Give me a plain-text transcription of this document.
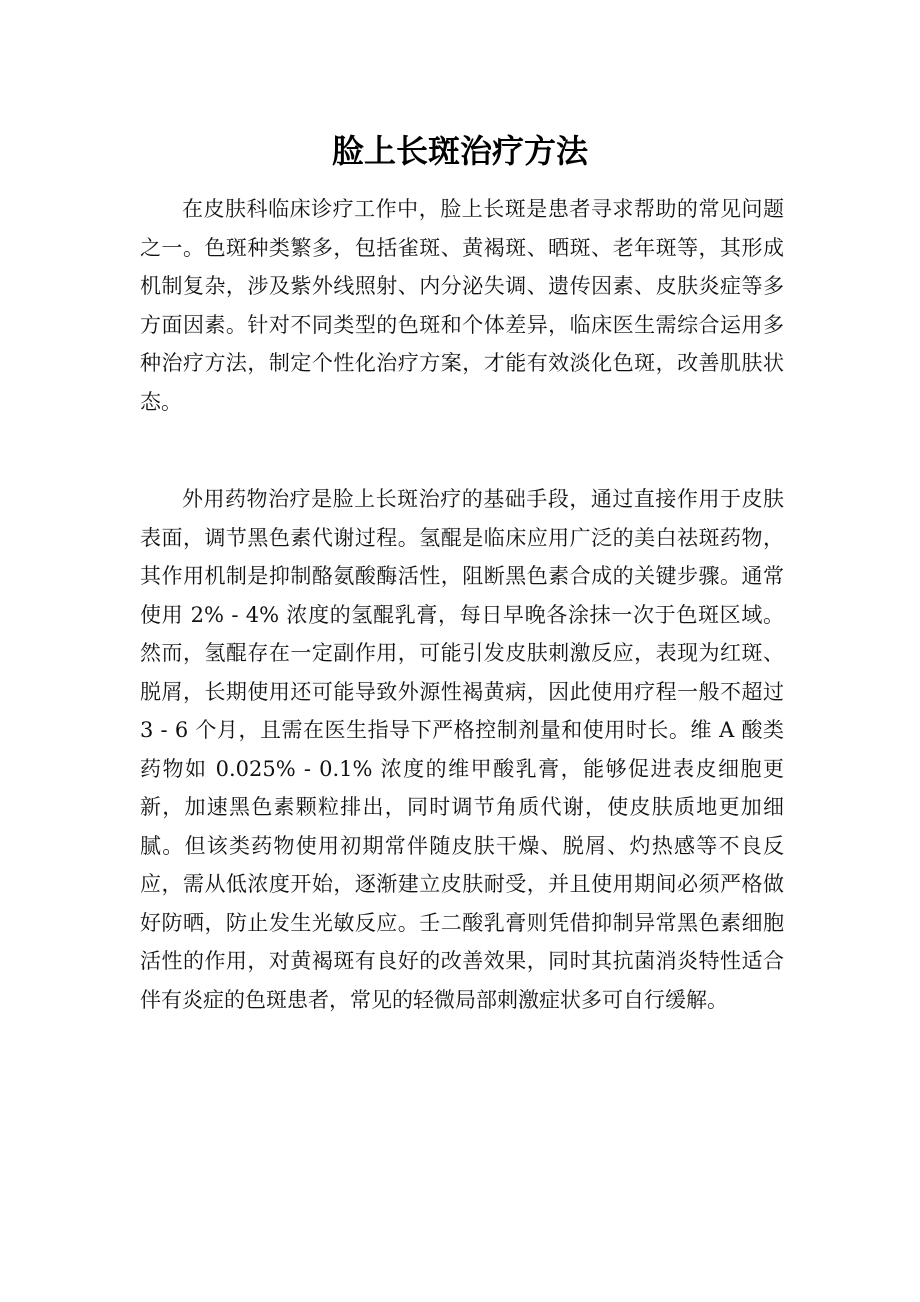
脸上长斑治疗方法

在皮肤科临床诊疗工作中，脸上长斑是患者寻求帮助的常见问题之一。色斑种类繁多，包括雀斑、黄褐斑、晒斑、老年斑等，其形成机制复杂，涉及紫外线照射、内分泌失调、遗传因素、皮肤炎症等多方面因素。针对不同类型的色斑和个体差异，临床医生需综合运用多种治疗方法，制定个性化治疗方案，才能有效淡化色斑，改善肌肤状态。

外用药物治疗是脸上长斑治疗的基础手段，通过直接作用于皮肤表面，调节黑色素代谢过程。氢醌是临床应用广泛的美白祛斑药物，其作用机制是抑制酪氨酸酶活性，阻断黑色素合成的关键步骤。通常使用 2% - 4% 浓度的氢醌乳膏，每日早晚各涂抹一次于色斑区域。然而，氢醌存在一定副作用，可能引发皮肤刺激反应，表现为红斑、脱屑，长期使用还可能导致外源性褐黄病，因此使用疗程一般不超过 3 - 6 个月，且需在医生指导下严格控制剂量和使用时长。维 A 酸类药物如 0.025% - 0.1% 浓度的维甲酸乳膏，能够促进表皮细胞更新，加速黑色素颗粒排出，同时调节角质代谢，使皮肤质地更加细腻。但该类药物使用初期常伴随皮肤干燥、脱屑、灼热感等不良反应，需从低浓度开始，逐渐建立皮肤耐受，并且使用期间必须严格做好防晒，防止发生光敏反应。壬二酸乳膏则凭借抑制异常黑色素细胞活性的作用，对黄褐斑有良好的改善效果，同时其抗菌消炎特性适合伴有炎症的色斑患者，常见的轻微局部刺激症状多可自行缓解。
